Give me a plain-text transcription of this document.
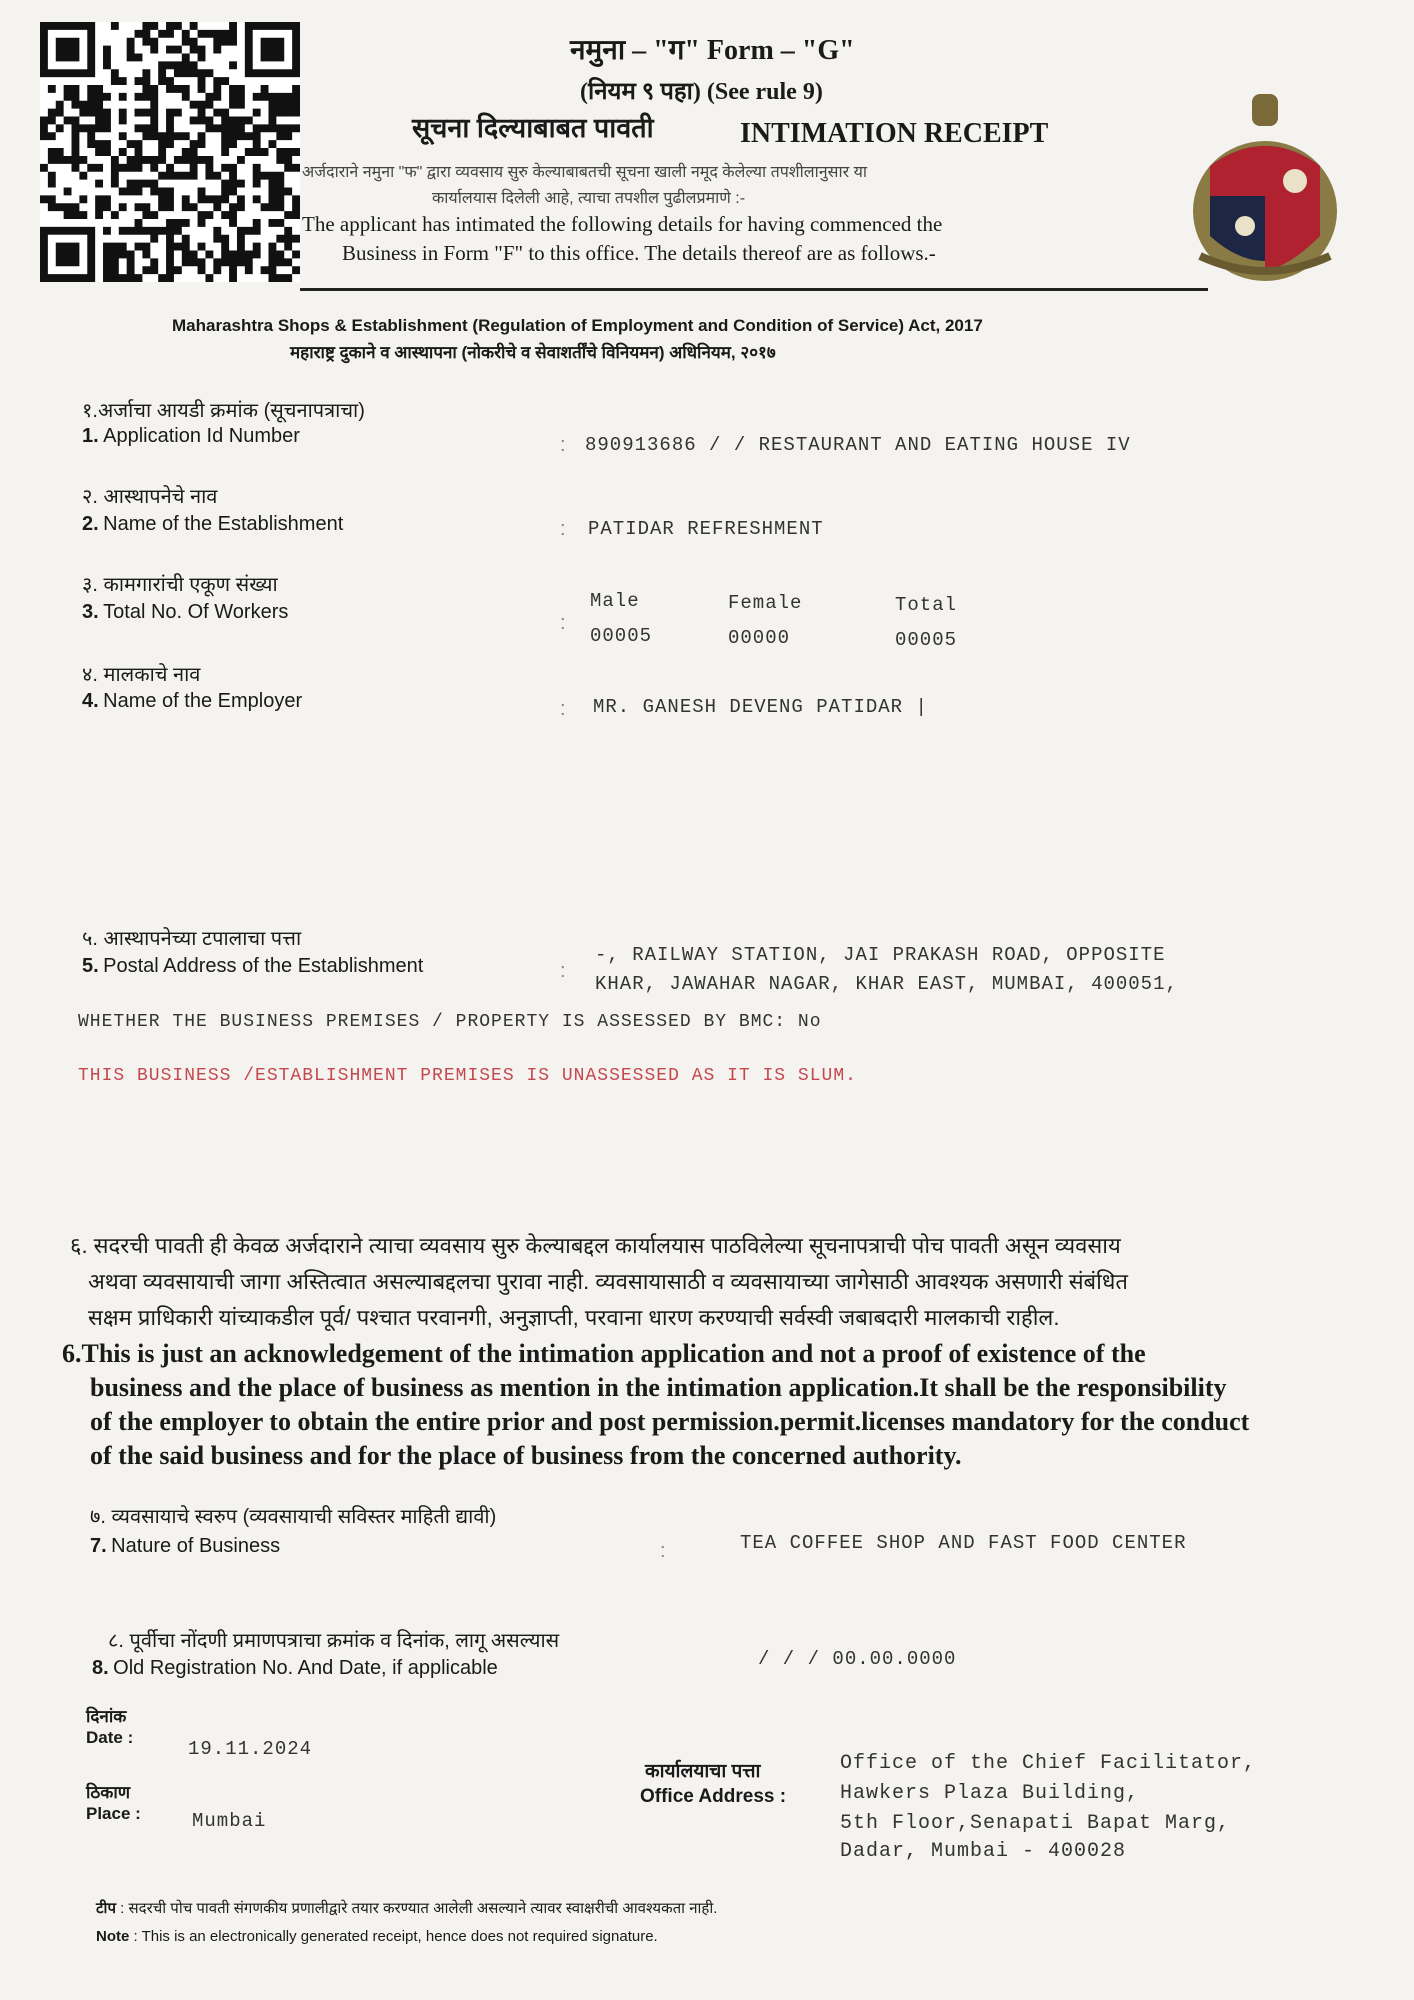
नमुना – "ग" Form – "G"
(नियम ९ पहा) (See rule 9)
सूचना दिल्याबाबत पावती	INTIMATION RECEIPT
अर्जदाराने नमुना "फ" द्वारा व्यवसाय सुरु केल्याबाबतची सूचना खाली नमूद केलेल्या तपशीलानुसार या
कार्यालयास दिलेली आहे, त्याचा तपशील पुढीलप्रमाणे :-
The applicant has intimated the following details for having commenced the
Business in Form "F" to this office. The details thereof are as follows.-
Maharashtra Shops & Establishment (Regulation of Employment and Condition of Service) Act, 2017
महाराष्ट्र दुकाने व आस्थापना (नोकरीचे व सेवाशर्तींचे विनियमन) अधिनियम, २०१७
१.अर्जाचा आयडी क्रमांक (सूचनापत्राचा)
1. Application Id Number	: 890913686 / / RESTAURANT AND EATING HOUSE IV
२. आस्थापनेचे नाव
2. Name of the Establishment	: PATIDAR REFRESHMENT
३. कामगारांची एकूण संख्या
3. Total No. Of Workers	:
Male	Female	Total
00005	00000	00005
४. मालकाचे नाव
4. Name of the Employer	: MR. GANESH DEVENG PATIDAR |
५. आस्थापनेच्या टपालाचा पत्ता
5. Postal Address of the Establishment	:
-, RAILWAY STATION, JAI PRAKASH ROAD, OPPOSITE
KHAR, JAWAHAR NAGAR, KHAR EAST, MUMBAI, 400051,
WHETHER THE BUSINESS PREMISES / PROPERTY IS ASSESSED BY BMC: No
THIS BUSINESS /ESTABLISHMENT PREMISES IS UNASSESSED AS IT IS SLUM.
६. सदरची पावती ही केवळ अर्जदाराने त्याचा व्यवसाय सुरु केल्याबद्दल कार्यालयास पाठविलेल्या सूचनापत्राची पोच पावती असून व्यवसाय
अथवा व्यवसायाची जागा अस्तित्वात असल्याबद्दलचा पुरावा नाही. व्यवसायासाठी व व्यवसायाच्या जागेसाठी आवश्यक असणारी संबंधित
सक्षम प्राधिकारी यांच्याकडील पूर्व/ पश्चात परवानगी, अनुज्ञाप्ती, परवाना धारण करण्याची सर्वस्वी जबाबदारी मालकाची राहील.
6.This is just an acknowledgement of the intimation application and not a proof of existence of the
business and the place of business as mention in the intimation application.It shall be the responsibility
of the employer to obtain the entire prior and post permission.permit.licenses mandatory for the conduct
of the said business and for the place of business from the concerned authority.
७. व्यवसायाचे स्वरुप (व्यवसायाची सविस्तर माहिती द्यावी)
7. Nature of Business	:	TEA COFFEE SHOP AND FAST FOOD CENTER
८. पूर्वीचा नोंदणी प्रमाणपत्राचा क्रमांक व दिनांक, लागू असल्यास
8. Old Registration No. And Date, if applicable	/ / / 00.00.0000
दिनांक
Date :
19.11.2024
ठिकाण
Place :	Mumbai
कार्यालयाचा पत्ता
Office Address :
Office of the Chief Facilitator,
Hawkers Plaza Building,
5th Floor,Senapati Bapat Marg,
Dadar, Mumbai - 400028
टीप : सदरची पोच पावती संगणकीय प्रणालीद्वारे तयार करण्यात आलेली असल्याने त्यावर स्वाक्षरीची आवश्यकता नाही.
Note : This is an electronically generated receipt, hence does not required signature.
